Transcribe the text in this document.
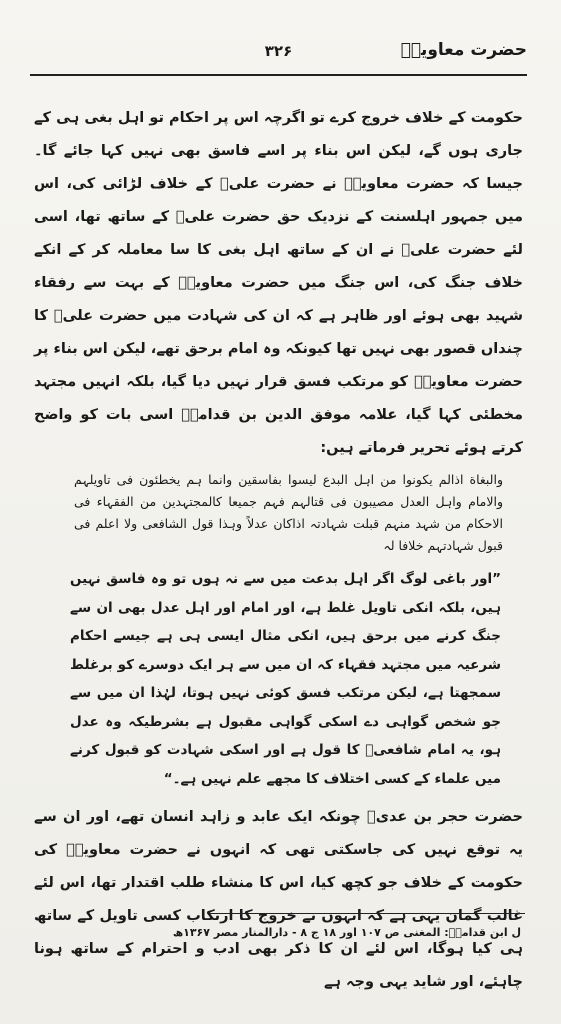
حضرت معاویہؓ
۳۲۶

حکومت کے خلاف خروج کرے تو اگرچہ اس پر احکام تو اہل بغی ہی کے جاری ہوں گے، لیکن اس بناء پر اسے فاسق بھی نہیں کہا جائے گا۔ جیسا کہ حضرت معاویہؓ نے حضرت علیؓ کے خلاف لڑائی کی، اس میں جمہور اہلسنت کے نزدیک حق حضرت علیؓ کے ساتھ تھا، اسی لئے حضرت علیؓ نے ان کے ساتھ اہل بغی کا سا معاملہ کر کے انکے خلاف جنگ کی، اس جنگ میں حضرت معاویہؓ کے بہت سے رفقاء شہید بھی ہوئے اور ظاہر ہے کہ ان کی شہادت میں حضرت علیؓ کا چنداں قصور بھی نہیں تھا کیونکہ وہ امام برحق تھے، لیکن اس بناء پر حضرت معاویہؓ کو مرتکب فسق قرار نہیں دیا گیا، بلکہ انہیں مجتہد مخطئی کہا گیا، علامہ موفق الدین بن قدامہؒ اسی بات کو واضح کرتے ہوئے تحریر فرماتے ہیں:

والبغاة اذالم یکونوا من اہل البدع لیسوا بفاسقین وانما ہم یخطئون فی تاویلہم والامام واہل العدل مصیبون فی قتالہم فہم جمیعا کالمجتہدین من الفقہاء فی الاحکام من شہد منہم قبلت شہادتہ اذاکان عدلاً وہذا قول الشافعی ولا اعلم فی قبول شہادتہم خلافا لہ

”اور باغی لوگ اگر اہل بدعت میں سے نہ ہوں تو وہ فاسق نہیں ہیں، بلکہ انکی تاویل غلط ہے، اور امام اور اہل عدل بھی ان سے جنگ کرنے میں برحق ہیں، انکی مثال ایسی ہی ہے جیسے احکام شرعیہ میں مجتہد فقہاء کہ ان میں سے ہر ایک دوسرے کو برغلط سمجھتا ہے، لیکن مرتکب فسق کوئی نہیں ہوتا، لہٰذا ان میں سے جو شخص گواہی دے اسکی گواہی مقبول ہے بشرطیکہ وہ عدل ہو، یہ امام شافعیؒ کا قول ہے اور اسکی شہادت کو قبول کرنے میں علماء کے کسی اختلاف کا مجھے علم نہیں ہے۔“

حضرت حجر بن عدیؓ چونکہ ایک عابد و زاہد انسان تھے، اور ان سے یہ توقع نہیں کی جاسکتی تھی کہ انہوں نے حضرت معاویہؓ کی حکومت کے خلاف جو کچھ کیا، اس کا منشاء طلب اقتدار تھا، اس لئے غالب گمان یہی ہے کہ انہوں نے خروج کا ارتکاب کسی تاویل کے ساتھ ہی کیا ہوگا، اس لئے ان کا ذکر بھی ادب و احترام کے ساتھ ہونا چاہئے، اور شاید یہی وجہ ہے

ل ابن قدامہؒ: المغنی ص ۱۰۷ اور ۱۸ ج ۸ - دارالمنار مصر ۱۳۶۷ھ
